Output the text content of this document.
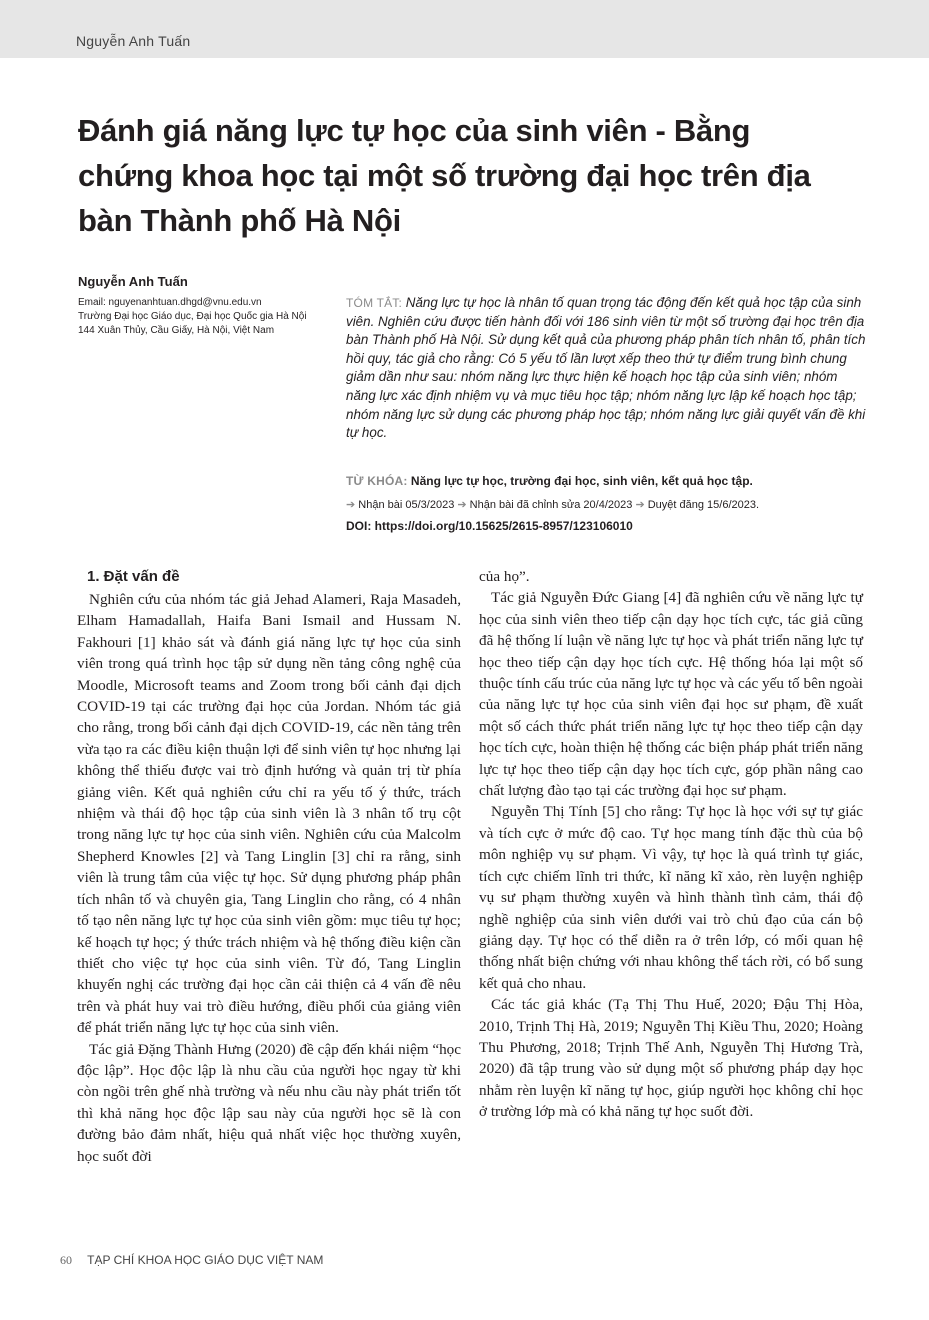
Nguyễn Anh Tuấn
Đánh giá năng lực tự học của sinh viên - Bằng chứng khoa học tại một số trường đại học trên địa bàn Thành phố Hà Nội
Nguyễn Anh Tuấn
Email: nguyenanhtuan.dhgd@vnu.edu.vn
Trường Đại học Giáo dục, Đại học Quốc gia Hà Nội
144 Xuân Thủy, Cầu Giấy, Hà Nội, Việt Nam
TÓM TẮT: Năng lực tự học là nhân tố quan trọng tác động đến kết quả học tập của sinh viên. Nghiên cứu được tiến hành đối với 186 sinh viên từ một số trường đại học trên địa bàn Thành phố Hà Nội. Sử dụng kết quả của phương pháp phân tích nhân tố, phân tích hồi quy, tác giả cho rằng: Có 5 yếu tố lần lượt xếp theo thứ tự điểm trung bình chung giảm dần như sau: nhóm năng lực thực hiện kế hoạch học tập của sinh viên; nhóm năng lực xác định nhiệm vụ và mục tiêu học tập; nhóm năng lực lập kế hoạch học tập; nhóm năng lực sử dụng các phương pháp học tập; nhóm năng lực giải quyết vấn đề khi tự học.
TỪ KHÓA: Năng lực tự học, trường đại học, sinh viên, kết quả học tập.
➔ Nhận bài 05/3/2023 ➔ Nhận bài đã chỉnh sửa 20/4/2023 ➔ Duyệt đăng 15/6/2023.
DOI: https://doi.org/10.15625/2615-8957/123106010
1. Đặt vấn đề

Nghiên cứu của nhóm tác giả Jehad Alameri, Raja Masadeh, Elham Hamadallah, Haifa Bani Ismail and Hussam N. Fakhouri [1] khảo sát và đánh giá năng lực tự học của sinh viên trong quá trình học tập sử dụng nền tảng công nghệ của Moodle, Microsoft teams and Zoom trong bối cảnh đại dịch COVID-19 tại các trường đại học của Jordan. Nhóm tác giả cho rằng, trong bối cảnh đại dịch COVID-19, các nền tảng trên vừa tạo ra các điều kiện thuận lợi để sinh viên tự học nhưng lại không thể thiếu được vai trò định hướng và quản trị từ phía giảng viên. Kết quả nghiên cứu chỉ ra yếu tố ý thức, trách nhiệm và thái độ học tập của sinh viên là 3 nhân tố trụ cột trong năng lực tự học của sinh viên. Nghiên cứu của Malcolm Shepherd Knowles [2] và Tang Linglin [3] chỉ ra rằng, sinh viên là trung tâm của việc tự học. Sử dụng phương pháp phân tích nhân tố và chuyên gia, Tang Linglin cho rằng, có 4 nhân tố tạo nên năng lực tự học của sinh viên gồm: mục tiêu tự học; kế hoạch tự học; ý thức trách nhiệm và hệ thống điều kiện cần thiết cho việc tự học của sinh viên. Từ đó, Tang Linglin khuyến nghị các trường đại học cần cải thiện cả 4 vấn đề nêu trên và phát huy vai trò điều hướng, điều phối của giảng viên để phát triển năng lực tự học của sinh viên.

Tác giả Đặng Thành Hưng (2020) đề cập đến khái niệm “học độc lập”. Học độc lập là nhu cầu của người học ngay từ khi còn ngồi trên ghế nhà trường và nếu nhu cầu này phát triển tốt thì khả năng học độc lập sau này của người học sẽ là con đường bảo đảm nhất, hiệu quả nhất việc học thường xuyên, học suốt đời

của họ”.

Tác giả Nguyễn Đức Giang [4] đã nghiên cứu về năng lực tự học của sinh viên theo tiếp cận dạy học tích cực, tác giả cũng đã hệ thống lí luận về năng lực tự học và phát triển năng lực tự học theo tiếp cận dạy học tích cực. Hệ thống hóa lại một số thuộc tính cấu trúc của năng lực tự học và các yếu tố bên ngoài của năng lực tự học của sinh viên đại học sư phạm, đề xuất một số cách thức phát triển năng lực tự học theo tiếp cận dạy học tích cực, hoàn thiện hệ thống các biện pháp phát triển năng lực tự học theo tiếp cận dạy học tích cực, góp phần nâng cao chất lượng đào tạo tại các trường đại học sư phạm.

Nguyễn Thị Tính [5] cho rằng: Tự học là học với sự tự giác và tích cực ở mức độ cao. Tự học mang tính đặc thù của bộ môn nghiệp vụ sư phạm. Vì vậy, tự học là quá trình tự giác, tích cực chiếm lĩnh tri thức, kĩ năng kĩ xảo, rèn luyện nghiệp vụ sư phạm thường xuyên và hình thành tình cảm, thái độ nghề nghiệp của sinh viên dưới vai trò chủ đạo của cán bộ giảng dạy. Tự học có thể diễn ra ở trên lớp, có mối quan hệ thống nhất biện chứng với nhau không thể tách rời, có bổ sung kết quả cho nhau.

Các tác giả khác (Tạ Thị Thu Huế, 2020; Đậu Thị Hòa, 2010, Trịnh Thị Hà, 2019; Nguyễn Thị Kiều Thu, 2020; Hoàng Thu Phương, 2018; Trịnh Thế Anh, Nguyễn Thị Hương Trà, 2020) đã tập trung vào sử dụng một số phương pháp dạy học nhằm rèn luyện kĩ năng tự học, giúp người học không chỉ học ở trường lớp mà có khả năng tự học suốt đời.

60 TẠP CHÍ KHOA HỌC GIÁO DỤC VIỆT NAM
